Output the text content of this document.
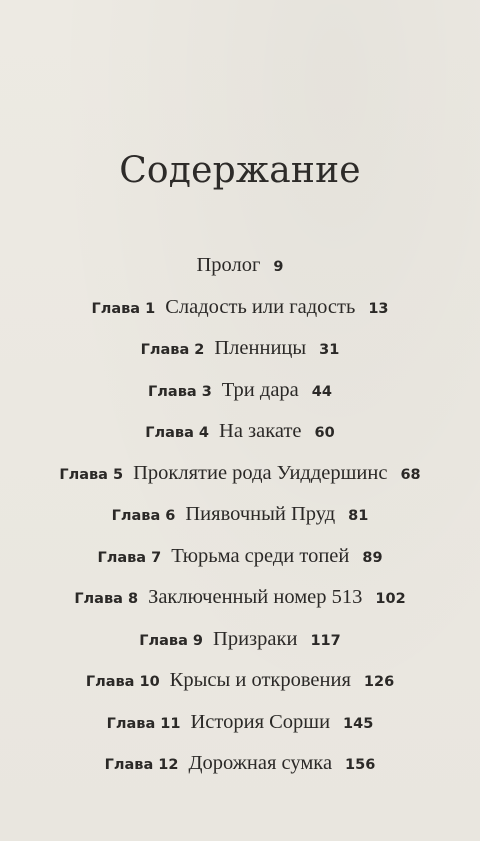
Содержание
Пролог 9
Глава 1 Сладость или гадость 13
Глава 2 Пленницы 31
Глава 3 Три дара 44
Глава 4 На закате 60
Глава 5 Проклятие рода Уиддершинс 68
Глава 6 Пиявочный Пруд 81
Глава 7 Тюрьма среди топей 89
Глава 8 Заключенный номер 513 102
Глава 9 Призраки 117
Глава 10 Крысы и откровения 126
Глава 11 История Сорши 145
Глава 12 Дорожная сумка 156
